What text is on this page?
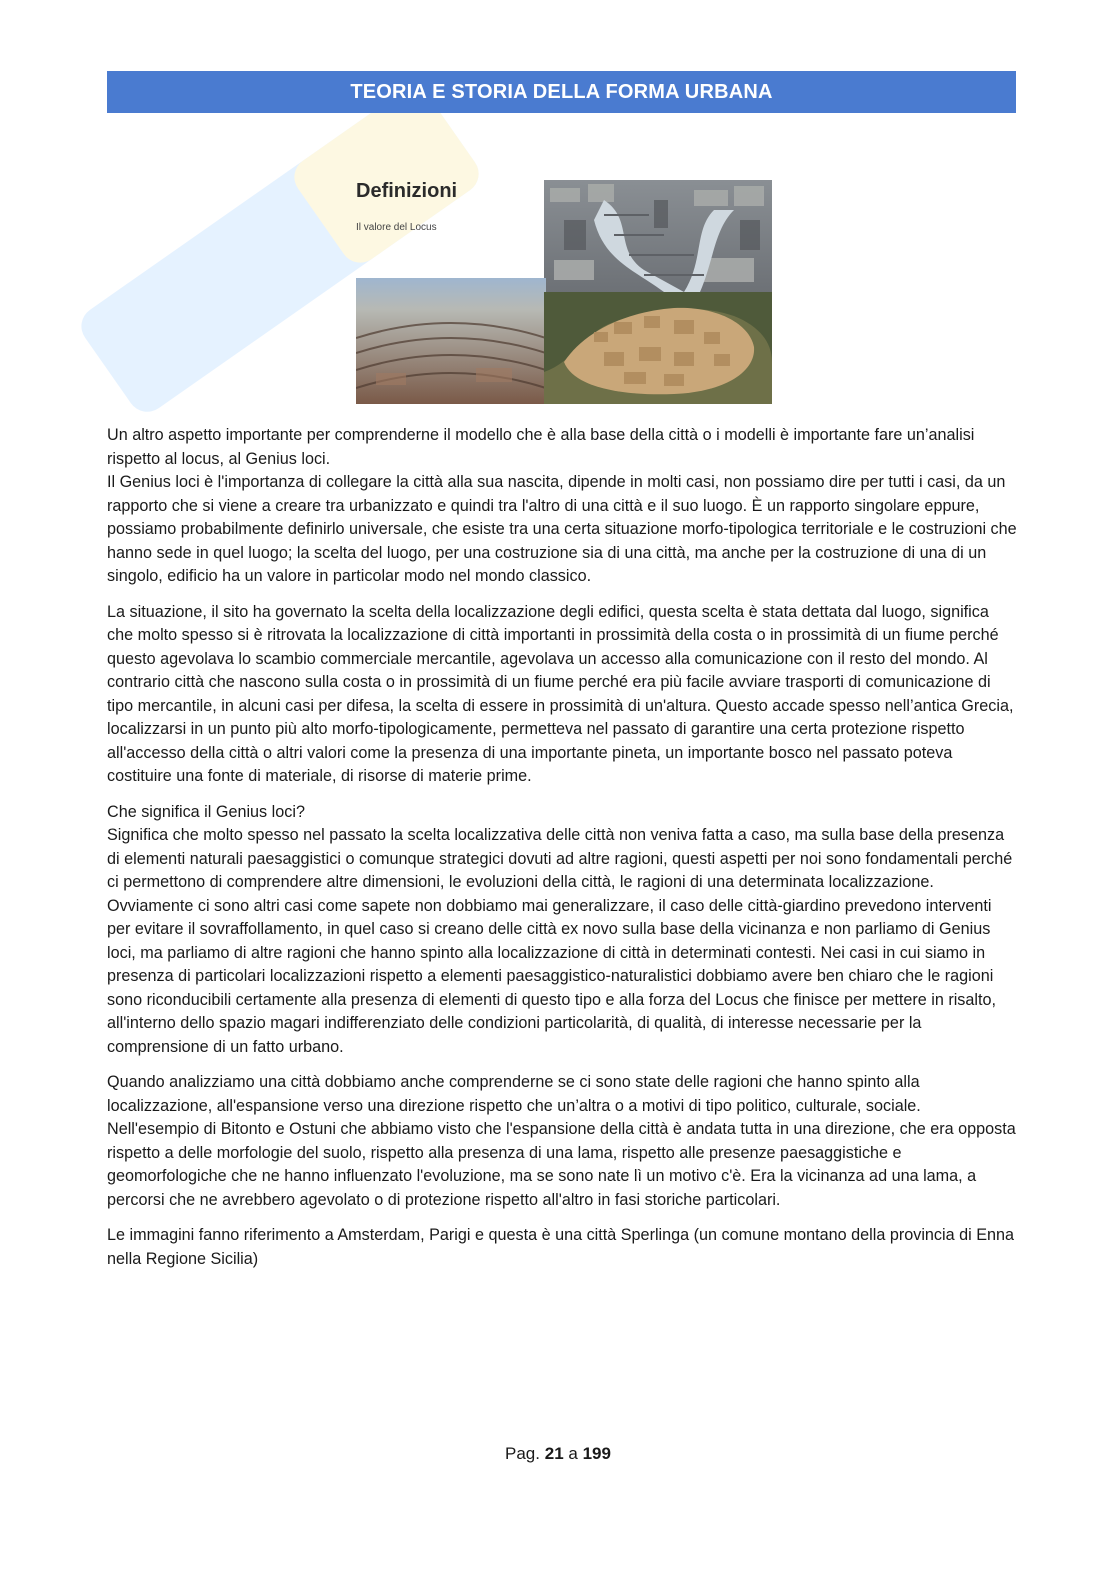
TEORIA E STORIA DELLA FORMA URBANA
Definizioni
Il valore del Locus

Un altro aspetto importante per comprenderne il modello che è alla base della città o i modelli è importante fare un’analisi rispetto al locus, al Genius loci.
Il Genius loci è l'importanza di collegare la città alla sua nascita, dipende in molti casi, non possiamo dire per tutti i casi, da un rapporto che si viene a creare tra urbanizzato e quindi tra l'altro di una città e il suo luogo. È un rapporto singolare eppure, possiamo probabilmente definirlo universale, che esiste tra una certa situazione morfo-tipologica territoriale e le costruzioni che hanno sede in quel luogo; la scelta del luogo, per una costruzione sia di una città, ma anche per la costruzione di una di un singolo, edificio ha un valore in particolar modo nel mondo classico.

La situazione, il sito ha governato la scelta della localizzazione degli edifici, questa scelta è stata dettata dal luogo, significa che molto spesso si è ritrovata la localizzazione di città importanti in prossimità della costa o in prossimità di un fiume perché questo agevolava lo scambio commerciale mercantile, agevolava un accesso alla comunicazione con il resto del mondo. Al contrario città che nascono sulla costa o in prossimità di un fiume perché era più facile avviare trasporti di comunicazione di tipo mercantile, in alcuni casi per difesa, la scelta di essere in prossimità di un'altura. Questo accade spesso nell’antica Grecia, localizzarsi in un punto più alto morfo-tipologicamente, permetteva nel passato di garantire una certa protezione rispetto all'accesso della città o altri valori come la presenza di una importante pineta, un importante bosco nel passato poteva costituire una fonte di materiale, di risorse di materie prime.

Che significa il Genius loci?
Significa che molto spesso nel passato la scelta localizzativa delle città non veniva fatta a caso, ma sulla base della presenza di elementi naturali paesaggistici o comunque strategici dovuti ad altre ragioni, questi aspetti per noi sono fondamentali perché ci permettono di comprendere altre dimensioni, le evoluzioni della città, le ragioni di una determinata localizzazione. Ovviamente ci sono altri casi come sapete non dobbiamo mai generalizzare, il caso delle città-giardino prevedono interventi per evitare il sovraffollamento, in quel caso si creano delle città ex novo sulla base della vicinanza e non parliamo di Genius loci, ma parliamo di altre ragioni che hanno spinto alla localizzazione di città in determinati contesti. Nei casi in cui siamo in presenza di particolari localizzazioni rispetto a elementi paesaggistico-naturalistici dobbiamo avere ben chiaro che le ragioni sono riconducibili certamente alla presenza di elementi di questo tipo e alla forza del Locus che finisce per mettere in risalto, all'interno dello spazio magari indifferenziato delle condizioni particolarità, di qualità, di interesse necessarie per la comprensione di un fatto urbano.

Quando analizziamo una città dobbiamo anche comprenderne se ci sono state delle ragioni che hanno spinto alla localizzazione, all'espansione verso una direzione rispetto che un’altra o a motivi di tipo politico, culturale, sociale. Nell'esempio di Bitonto e Ostuni che abbiamo visto che l'espansione della città è andata tutta in una direzione, che era opposta rispetto a delle morfologie del suolo, rispetto alla presenza di una lama, rispetto alle presenze paesaggistiche e geomorfologiche che ne hanno influenzato l'evoluzione, ma se sono nate lì un motivo c'è. Era la vicinanza ad una lama, a percorsi che ne avrebbero agevolato o di protezione rispetto all'altro in fasi storiche particolari.

Le immagini fanno riferimento a Amsterdam, Parigi e questa è una città Sperlinga (un comune montano della provincia di Enna nella Regione Sicilia)

Pag. 21 a 199
